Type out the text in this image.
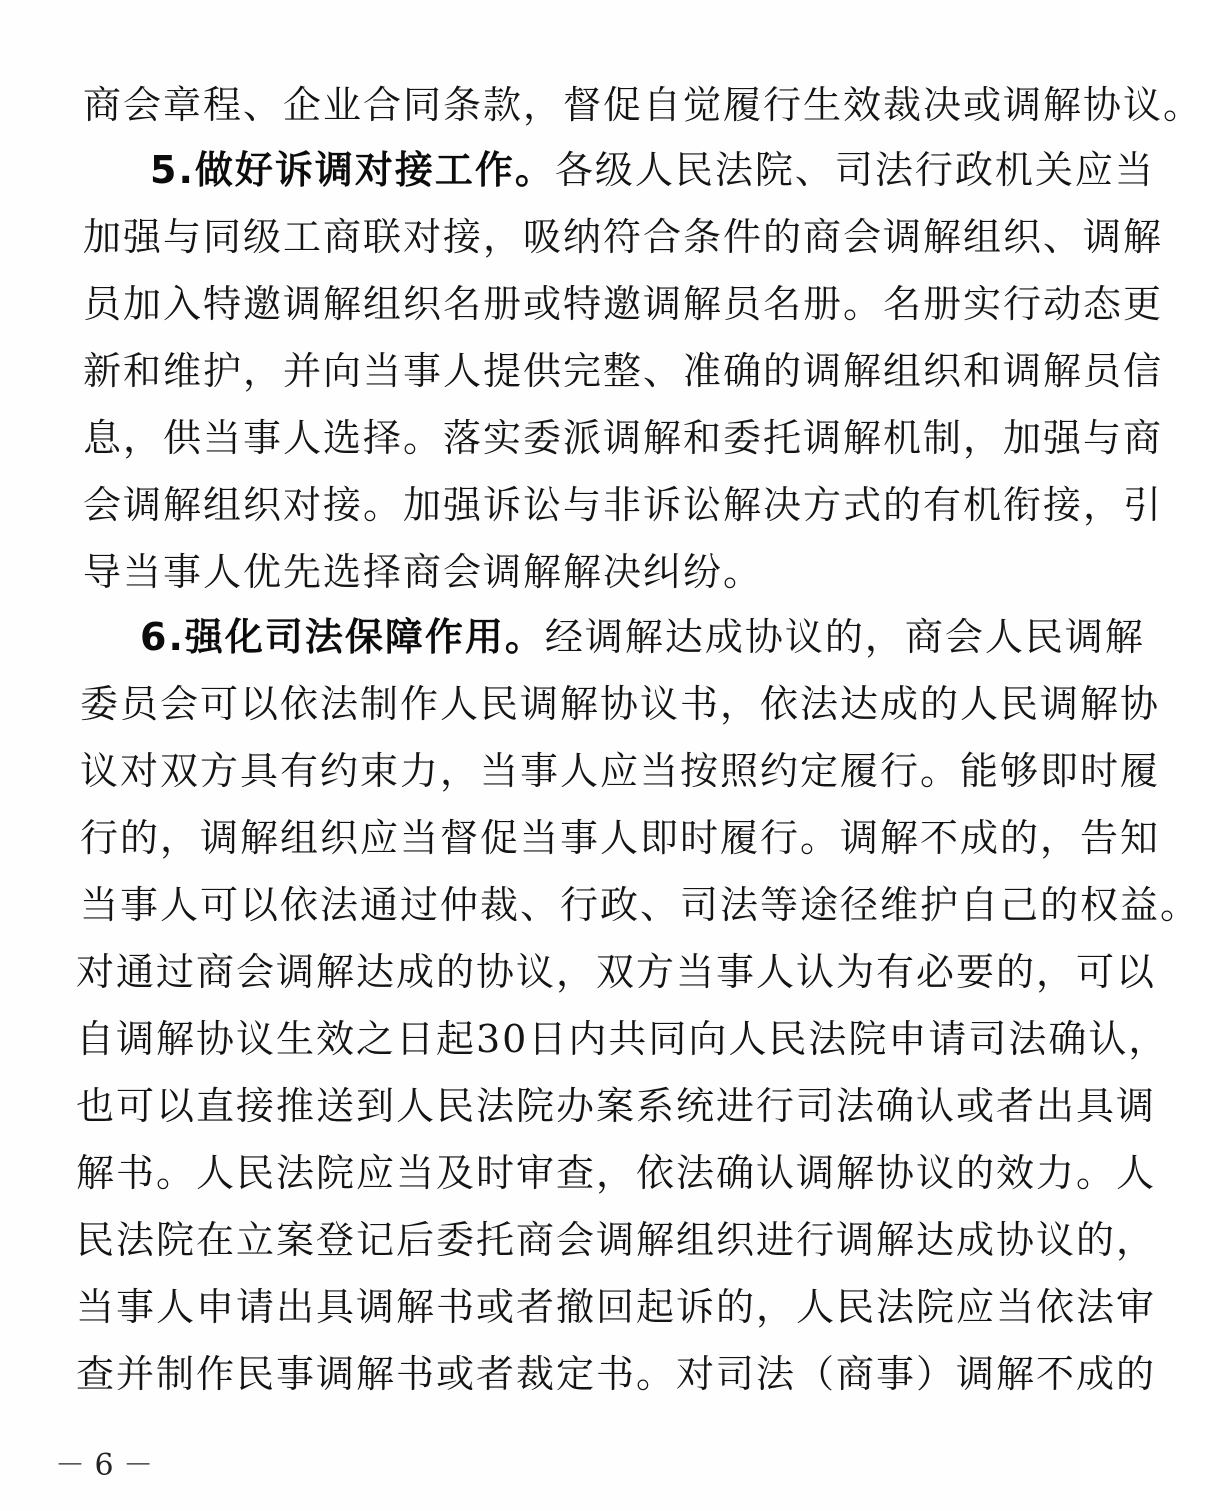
商会章程、企业合同条款，督促自觉履行生效裁决或调解协议。
5.做好诉调对接工作。各级人民法院、司法行政机关应当
加强与同级工商联对接，吸纳符合条件的商会调解组织、调解
员加入特邀调解组织名册或特邀调解员名册。名册实行动态更
新和维护，并向当事人提供完整、准确的调解组织和调解员信
息，供当事人选择。落实委派调解和委托调解机制，加强与商
会调解组织对接。加强诉讼与非诉讼解决方式的有机衔接，引
导当事人优先选择商会调解解决纠纷。
6.强化司法保障作用。经调解达成协议的，商会人民调解
委员会可以依法制作人民调解协议书，依法达成的人民调解协
议对双方具有约束力，当事人应当按照约定履行。能够即时履
行的，调解组织应当督促当事人即时履行。调解不成的，告知
当事人可以依法通过仲裁、行政、司法等途径维护自己的权益。
对通过商会调解达成的协议，双方当事人认为有必要的，可以
自调解协议生效之日起30日内共同向人民法院申请司法确认，
也可以直接推送到人民法院办案系统进行司法确认或者出具调
解书。人民法院应当及时审查，依法确认调解协议的效力。人
民法院在立案登记后委托商会调解组织进行调解达成协议的，
当事人申请出具调解书或者撤回起诉的，人民法院应当依法审
查并制作民事调解书或者裁定书。对司法（商事）调解不成的
－ 6 －
